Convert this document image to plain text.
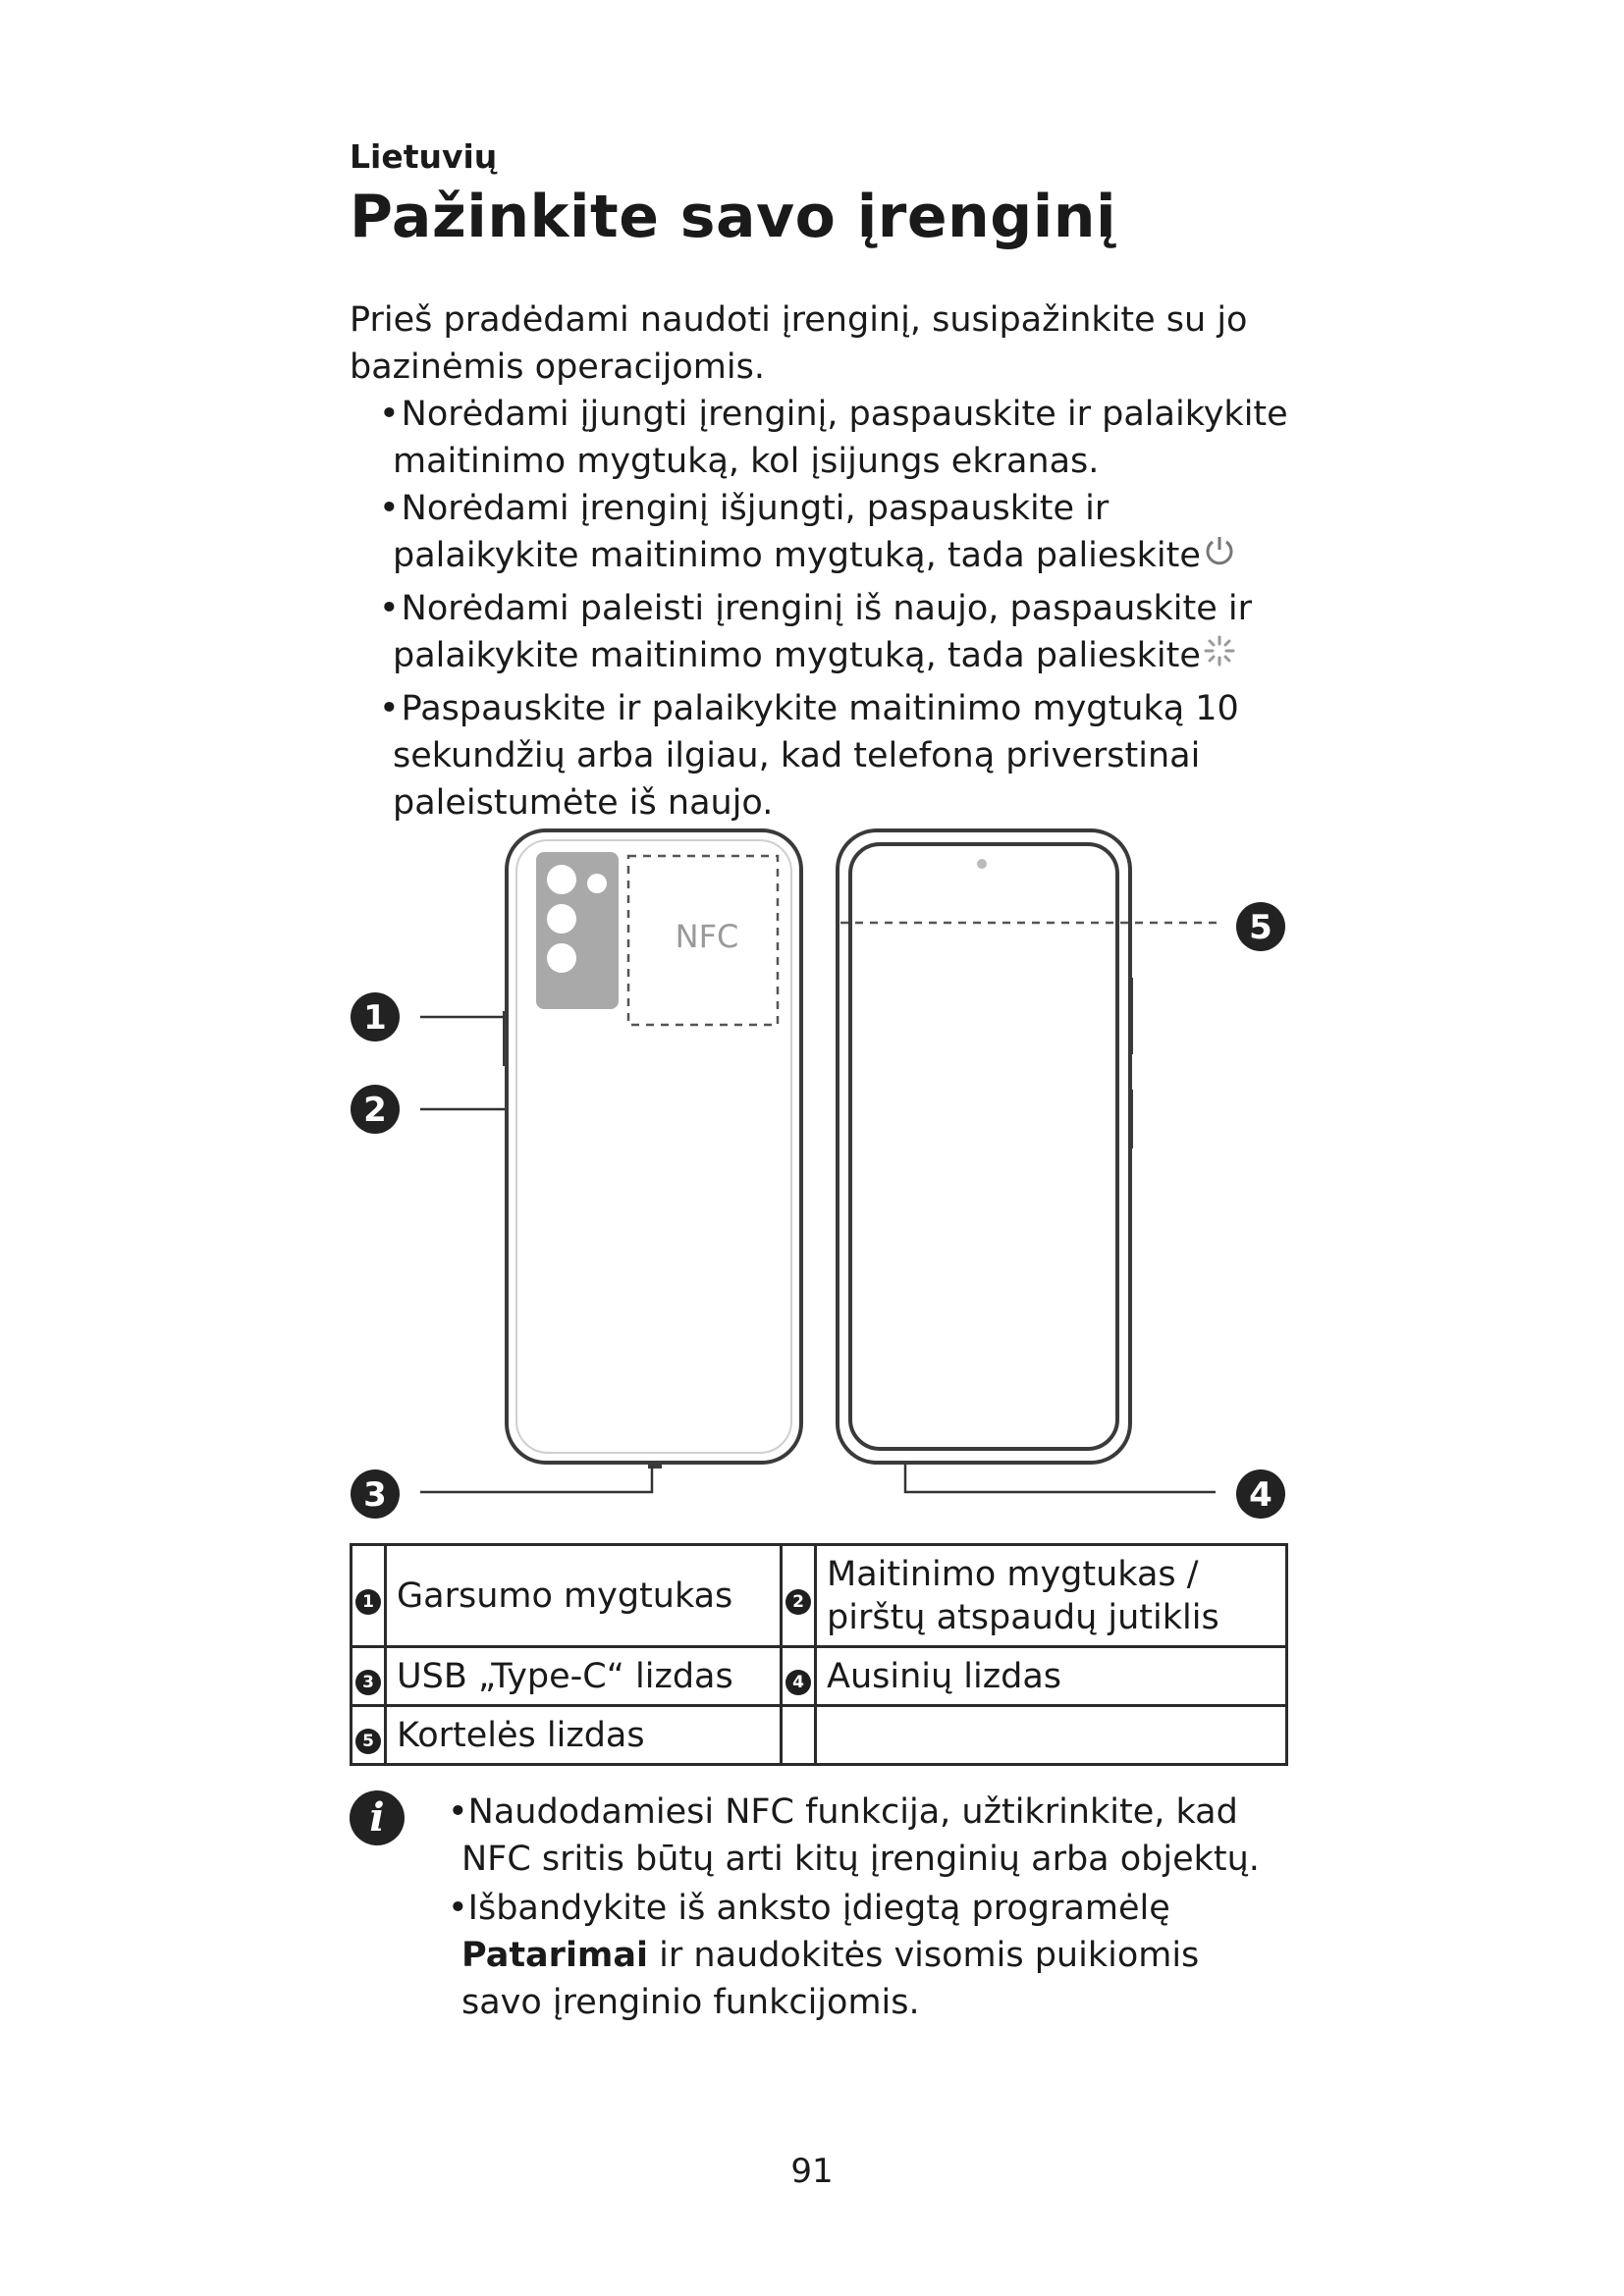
Lietuvių
Pažinkite savo įrenginį
Prieš pradėdami naudoti įrenginį, susipažinkite su jo bazinėmis operacijomis.
•Norėdami įjungti įrenginį, paspauskite ir palaikykite maitinimo mygtuką, kol įsijungs ekranas.
•Norėdami įrenginį išjungti, paspauskite ir palaikykite maitinimo mygtuką, tada palieskite
•Norėdami paleisti įrenginį iš naujo, paspauskite ir palaikykite maitinimo mygtuką, tada palieskite
•Paspauskite ir palaikykite maitinimo mygtuką 10 sekundžių arba ilgiau, kad telefoną priverstinai paleistumėte iš naujo.
NFC
1
2
3	4
5
1	Garsumo mygtukas	2	Maitinimo mygtukas / pirštų atspaudų jutiklis
3	USB „Type-C“ lizdas	4	Ausinių lizdas
5	Kortelės lizdas		
i	•Naudodamiesi NFC funkcija, užtikrinkite, kad NFC sritis būtų arti kitų įrenginių arba objektų.
•Išbandykite iš anksto įdiegtą programėlę Patarimai ir naudokitės visomis puikiomis savo įrenginio funkcijomis.
91
